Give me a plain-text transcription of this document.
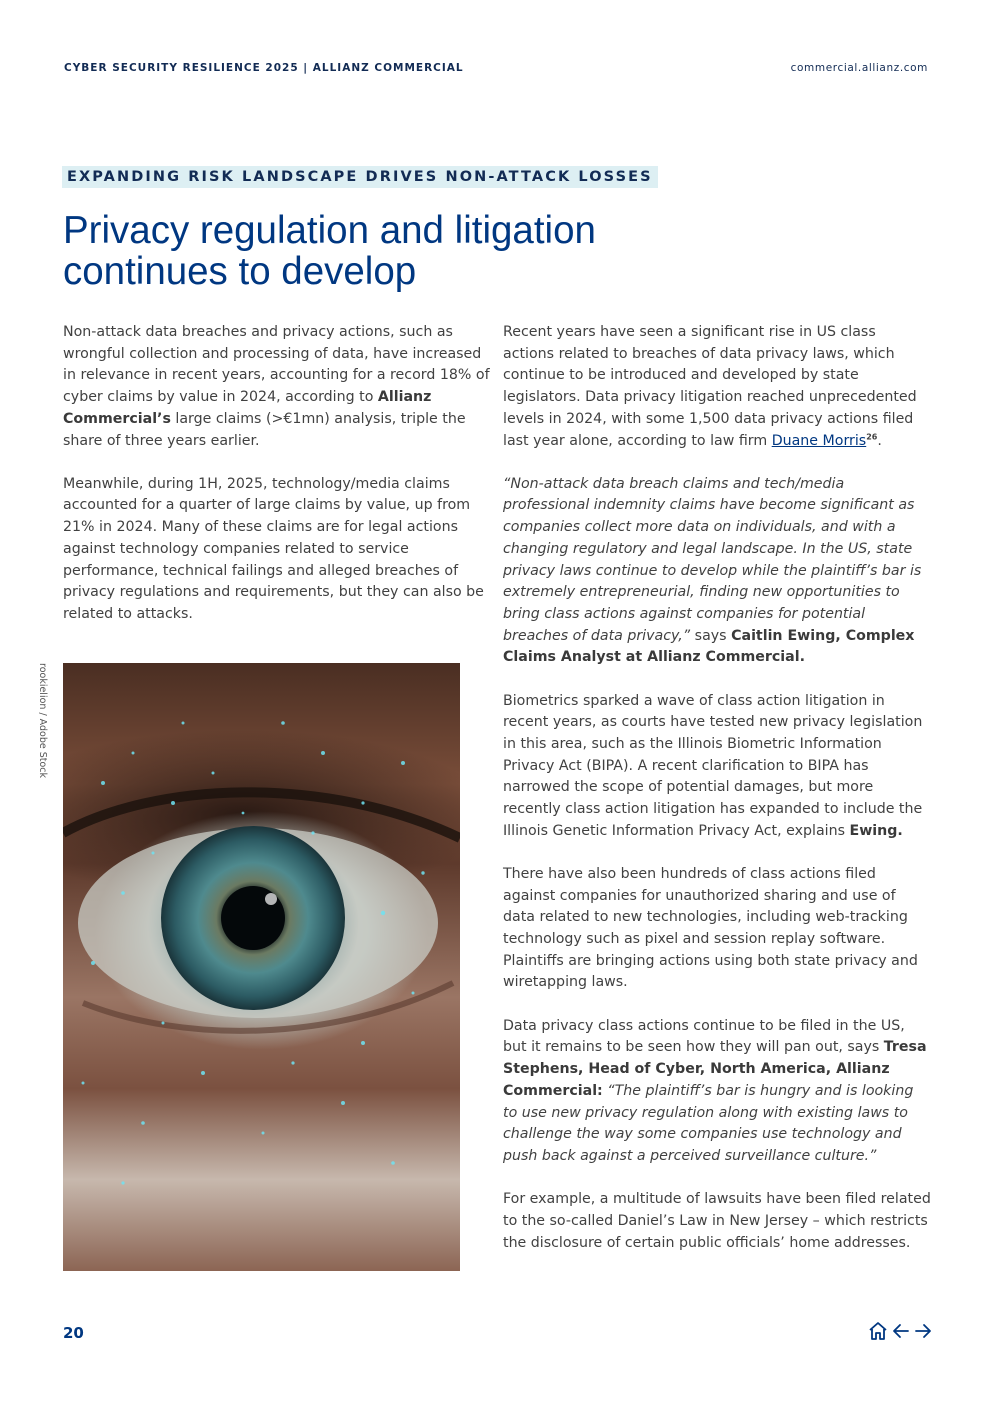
CYBER SECURITY RESILIENCE 2025 | ALLIANZ COMMERCIAL	commercial.allianz.com
EXPANDING RISK LANDSCAPE DRIVES NON-ATTACK LOSSES
Privacy regulation and litigation continues to develop

Non-attack data breaches and privacy actions, such as wrongful collection and processing of data, have increased in relevance in recent years, accounting for a record 18% of cyber claims by value in 2024, according to Allianz Commercial’s large claims (>€1mn) analysis, triple the share of three years earlier.

Meanwhile, during 1H, 2025, technology/media claims accounted for a quarter of large claims by value, up from 21% in 2024. Many of these claims are for legal actions against technology companies related to service performance, technical failings and alleged breaches of privacy regulations and requirements, but they can also be related to attacks.

rookielion / Adobe Stock

Recent years have seen a significant rise in US class actions related to breaches of data privacy laws, which continue to be introduced and developed by state legislators. Data privacy litigation reached unprecedented levels in 2024, with some 1,500 data privacy actions filed last year alone, according to law firm Duane Morris$^{26}$.

“Non-attack data breach claims and tech/media professional indemnity claims have become significant as companies collect more data on individuals, and with a changing regulatory and legal landscape. In the US, state privacy laws continue to develop while the plaintiff’s bar is extremely entrepreneurial, finding new opportunities to bring class actions against companies for potential breaches of data privacy,” says Caitlin Ewing, Complex Claims Analyst at Allianz Commercial.

Biometrics sparked a wave of class action litigation in recent years, as courts have tested new privacy legislation in this area, such as the Illinois Biometric Information Privacy Act (BIPA). A recent clarification to BIPA has narrowed the scope of potential damages, but more recently class action litigation has expanded to include the Illinois Genetic Information Privacy Act, explains Ewing.

There have also been hundreds of class actions filed against companies for unauthorized sharing and use of data related to new technologies, including web-tracking technology such as pixel and session replay software. Plaintiffs are bringing actions using both state privacy and wiretapping laws.

Data privacy class actions continue to be filed in the US, but it remains to be seen how they will pan out, says Tresa Stephens, Head of Cyber, North America, Allianz Commercial: “The plaintiff’s bar is hungry and is looking to use new privacy regulation along with existing laws to challenge the way some companies use technology and push back against a perceived surveillance culture.”

For example, a multitude of lawsuits have been filed related to the so-called Daniel’s Law in New Jersey – which restricts the disclosure of certain public officials’ home addresses.

20
